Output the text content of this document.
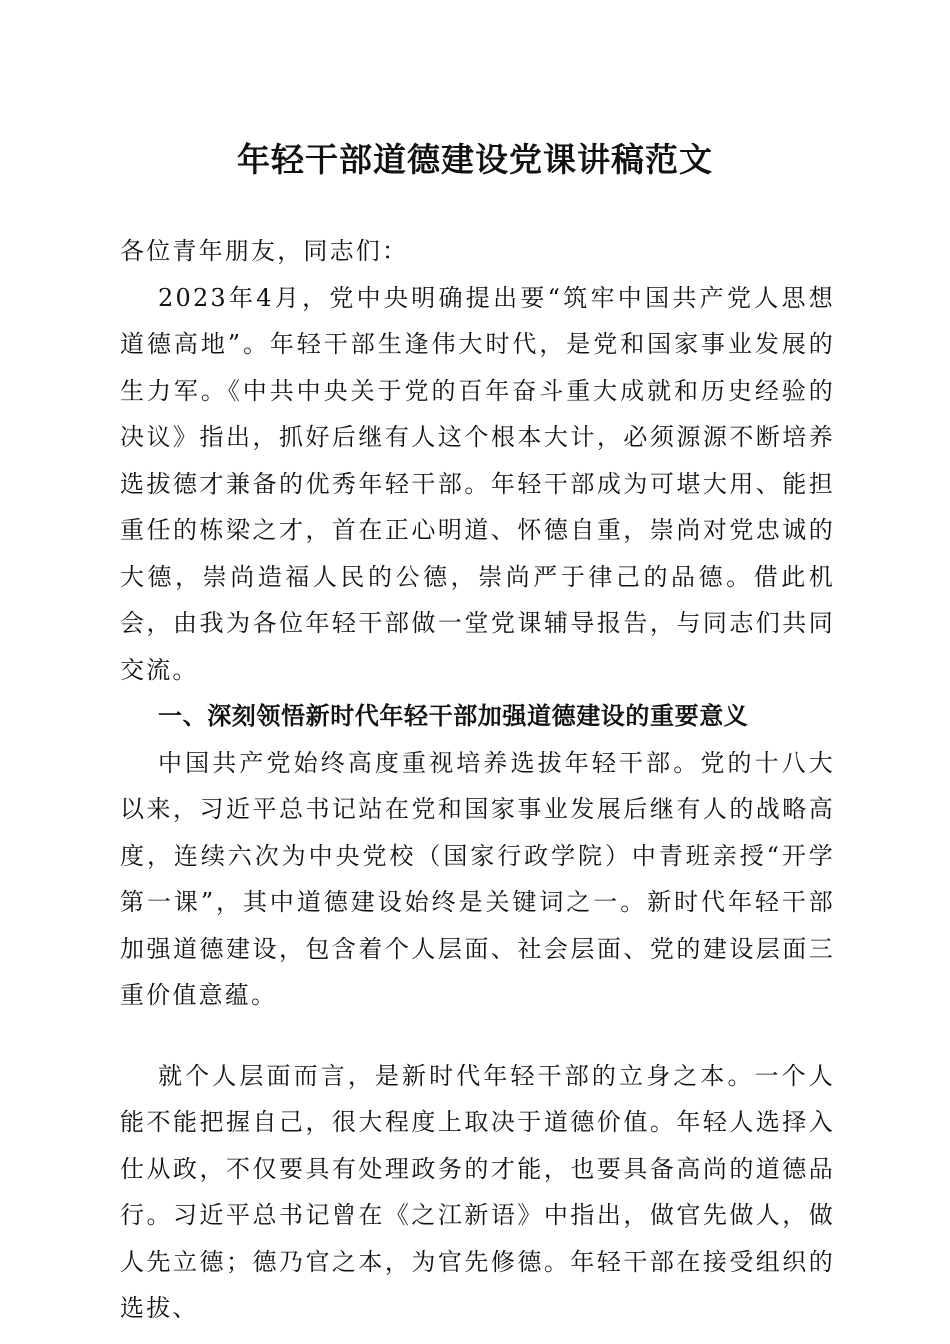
年轻干部道德建设党课讲稿范文

各位青年朋友，同志们：

2023年4月，党中央明确提出要“筑牢中国共产党人思想道德高地”。年轻干部生逢伟大时代，是党和国家事业发展的生力军。《中共中央关于党的百年奋斗重大成就和历史经验的决议》指出，抓好后继有人这个根本大计，必须源源不断培养选拔德才兼备的优秀年轻干部。年轻干部成为可堪大用、能担重任的栋梁之才，首在正心明道、怀德自重，崇尚对党忠诚的大德，崇尚造福人民的公德，崇尚严于律己的品德。借此机会，由我为各位年轻干部做一堂党课辅导报告，与同志们共同交流。

一、深刻领悟新时代年轻干部加强道德建设的重要意义

中国共产党始终高度重视培养选拔年轻干部。党的十八大以来，习近平总书记站在党和国家事业发展后继有人的战略高度，连续六次为中央党校（国家行政学院）中青班亲授“开学第一课”，其中道德建设始终是关键词之一。新时代年轻干部加强道德建设，包含着个人层面、社会层面、党的建设层面三重价值意蕴。

就个人层面而言，是新时代年轻干部的立身之本。一个人能不能把握自己，很大程度上取决于道德价值。年轻人选择入仕从政，不仅要具有处理政务的才能，也要具备高尚的道德品行。习近平总书记曾在《之江新语》中指出，做官先做人，做人先立德；德乃官之本，为官先修德。年轻干部在接受组织的选拔、
